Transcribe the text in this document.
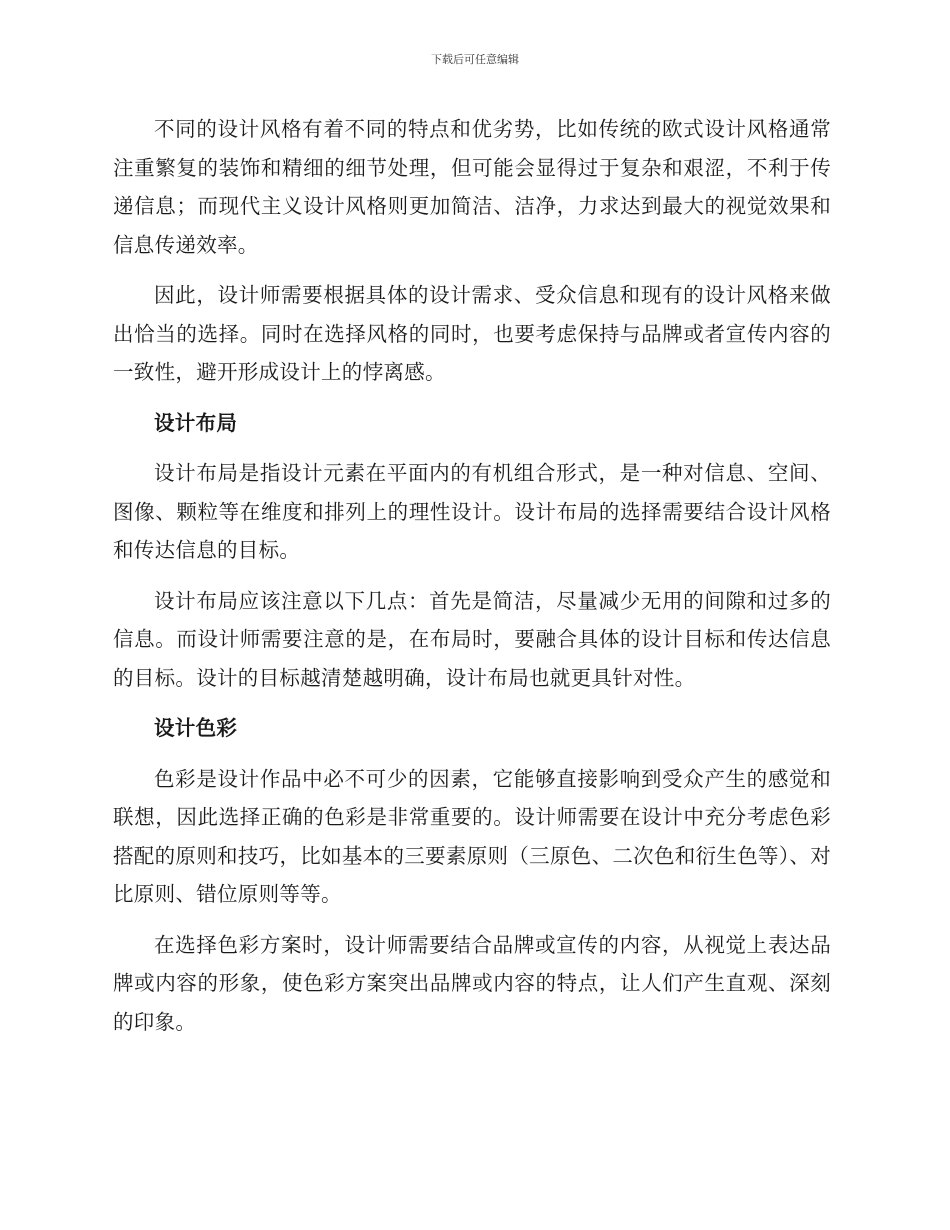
下载后可任意编辑

不同的设计风格有着不同的特点和优劣势，比如传统的欧式设计风格通常注重繁复的装饰和精细的细节处理，但可能会显得过于复杂和艰涩，不利于传递信息；而现代主义设计风格则更加简洁、洁净，力求达到最大的视觉效果和信息传递效率。

因此，设计师需要根据具体的设计需求、受众信息和现有的设计风格来做出恰当的选择。同时在选择风格的同时，也要考虑保持与品牌或者宣传内容的一致性，避开形成设计上的悖离感。

设计布局

设计布局是指设计元素在平面内的有机组合形式，是一种对信息、空间、图像、颗粒等在维度和排列上的理性设计。设计布局的选择需要结合设计风格和传达信息的目标。

设计布局应该注意以下几点：首先是简洁，尽量减少无用的间隙和过多的信息。而设计师需要注意的是，在布局时，要融合具体的设计目标和传达信息的目标。设计的目标越清楚越明确，设计布局也就更具针对性。

设计色彩

色彩是设计作品中必不可少的因素，它能够直接影响到受众产生的感觉和联想，因此选择正确的色彩是非常重要的。设计师需要在设计中充分考虑色彩搭配的原则和技巧，比如基本的三要素原则（三原色、二次色和衍生色等）、对比原则、错位原则等等。

在选择色彩方案时，设计师需要结合品牌或宣传的内容，从视觉上表达品牌或内容的形象，使色彩方案突出品牌或内容的特点，让人们产生直观、深刻的印象。
